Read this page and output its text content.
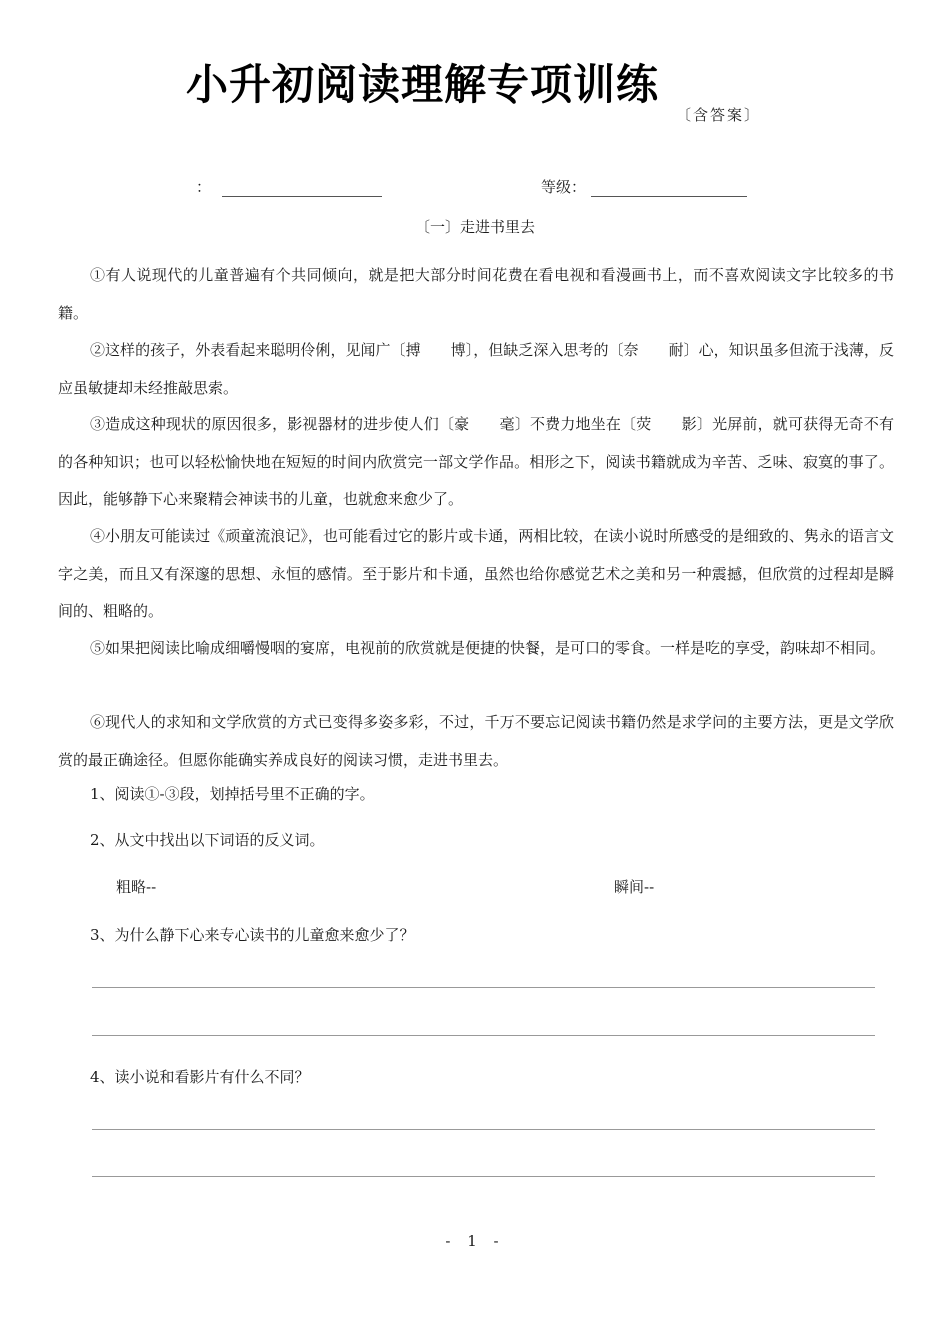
小升初阅读理解专项训练
〔含答案〕
：	等级：
〔一〕走进书里去

①有人说现代的儿童普遍有个共同倾向，就是把大部分时间花费在看电视和看漫画书上，而不喜欢阅读文字比较多的书籍。

②这样的孩子，外表看起来聪明伶俐，见闻广〔搏　　博〕，但缺乏深入思考的〔奈　　耐〕心，知识虽多但流于浅薄，反应虽敏捷却未经推敲思索。

③造成这种现状的原因很多，影视器材的进步使人们〔豪　　毫〕不费力地坐在〔荧　　影〕光屏前，就可获得无奇不有的各种知识；也可以轻松愉快地在短短的时间内欣赏完一部文学作品。相形之下，阅读书籍就成为辛苦、乏味、寂寞的事了。因此，能够静下心来聚精会神读书的儿童，也就愈来愈少了。

④小朋友可能读过《顽童流浪记》，也可能看过它的影片或卡通，两相比较，在读小说时所感受的是细致的、隽永的语言文字之美，而且又有深邃的思想、永恒的感情。至于影片和卡通，虽然也给你感觉艺术之美和另一种震撼，但欣赏的过程却是瞬间的、粗略的。

⑤如果把阅读比喻成细嚼慢咽的宴席，电视前的欣赏就是便捷的快餐，是可口的零食。一样是吃的享受，韵味却不相同。

⑥现代人的求知和文学欣赏的方式已变得多姿多彩，不过，千万不要忘记阅读书籍仍然是求学问的主要方法，更是文学欣赏的最正确途径。但愿你能确实养成良好的阅读习惯，走进书里去。

1、阅读①-③段，划掉括号里不正确的字。
2、从文中找出以下词语的反义词。
粗略--	瞬间--
3、为什么静下心来专心读书的儿童愈来愈少了？
4、读小说和看影片有什么不同？
- 1 -
